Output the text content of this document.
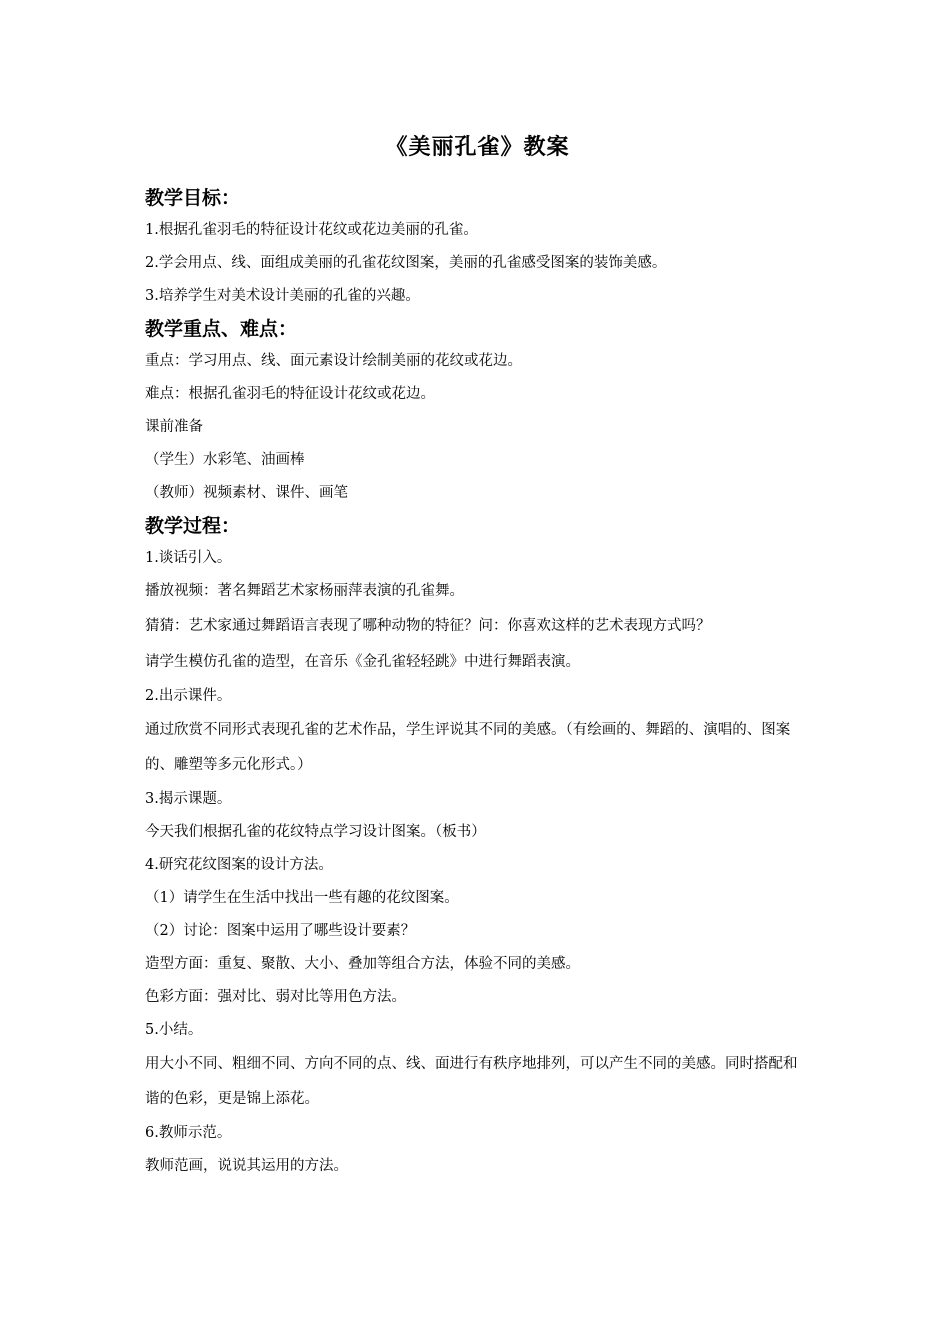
《美丽孔雀》教案
教学目标：

1.根据孔雀羽毛的特征设计花纹或花边美丽的孔雀。

2.学会用点、线、面组成美丽的孔雀花纹图案，美丽的孔雀感受图案的装饰美感。

3.培养学生对美术设计美丽的孔雀的兴趣。

教学重点、难点：

重点：学习用点、线、面元素设计绘制美丽的花纹或花边。

难点：根据孔雀羽毛的特征设计花纹或花边。

课前准备

（学生）水彩笔、油画棒

（教师）视频素材、课件、画笔

教学过程：

1.谈话引入。

播放视频：著名舞蹈艺术家杨丽萍表演的孔雀舞。

猜猜：艺术家通过舞蹈语言表现了哪种动物的特征？问：你喜欢这样的艺术表现方式吗？

请学生模仿孔雀的造型，在音乐《金孔雀轻轻跳》中进行舞蹈表演。

2.出示课件。

通过欣赏不同形式表现孔雀的艺术作品，学生评说其不同的美感。（有绘画的、舞蹈的、演唱的、图案的、雕塑等多元化形式。）

3.揭示课题。

今天我们根据孔雀的花纹特点学习设计图案。（板书）

4.研究花纹图案的设计方法。

（1）请学生在生活中找出一些有趣的花纹图案。

（2）讨论：图案中运用了哪些设计要素？

造型方面：重复、聚散、大小、叠加等组合方法，体验不同的美感。

色彩方面：强对比、弱对比等用色方法。

5.小结。

用大小不同、粗细不同、方向不同的点、线、面进行有秩序地排列，可以产生不同的美感。同时搭配和谐的色彩，更是锦上添花。

6.教师示范。

教师范画，说说其运用的方法。
